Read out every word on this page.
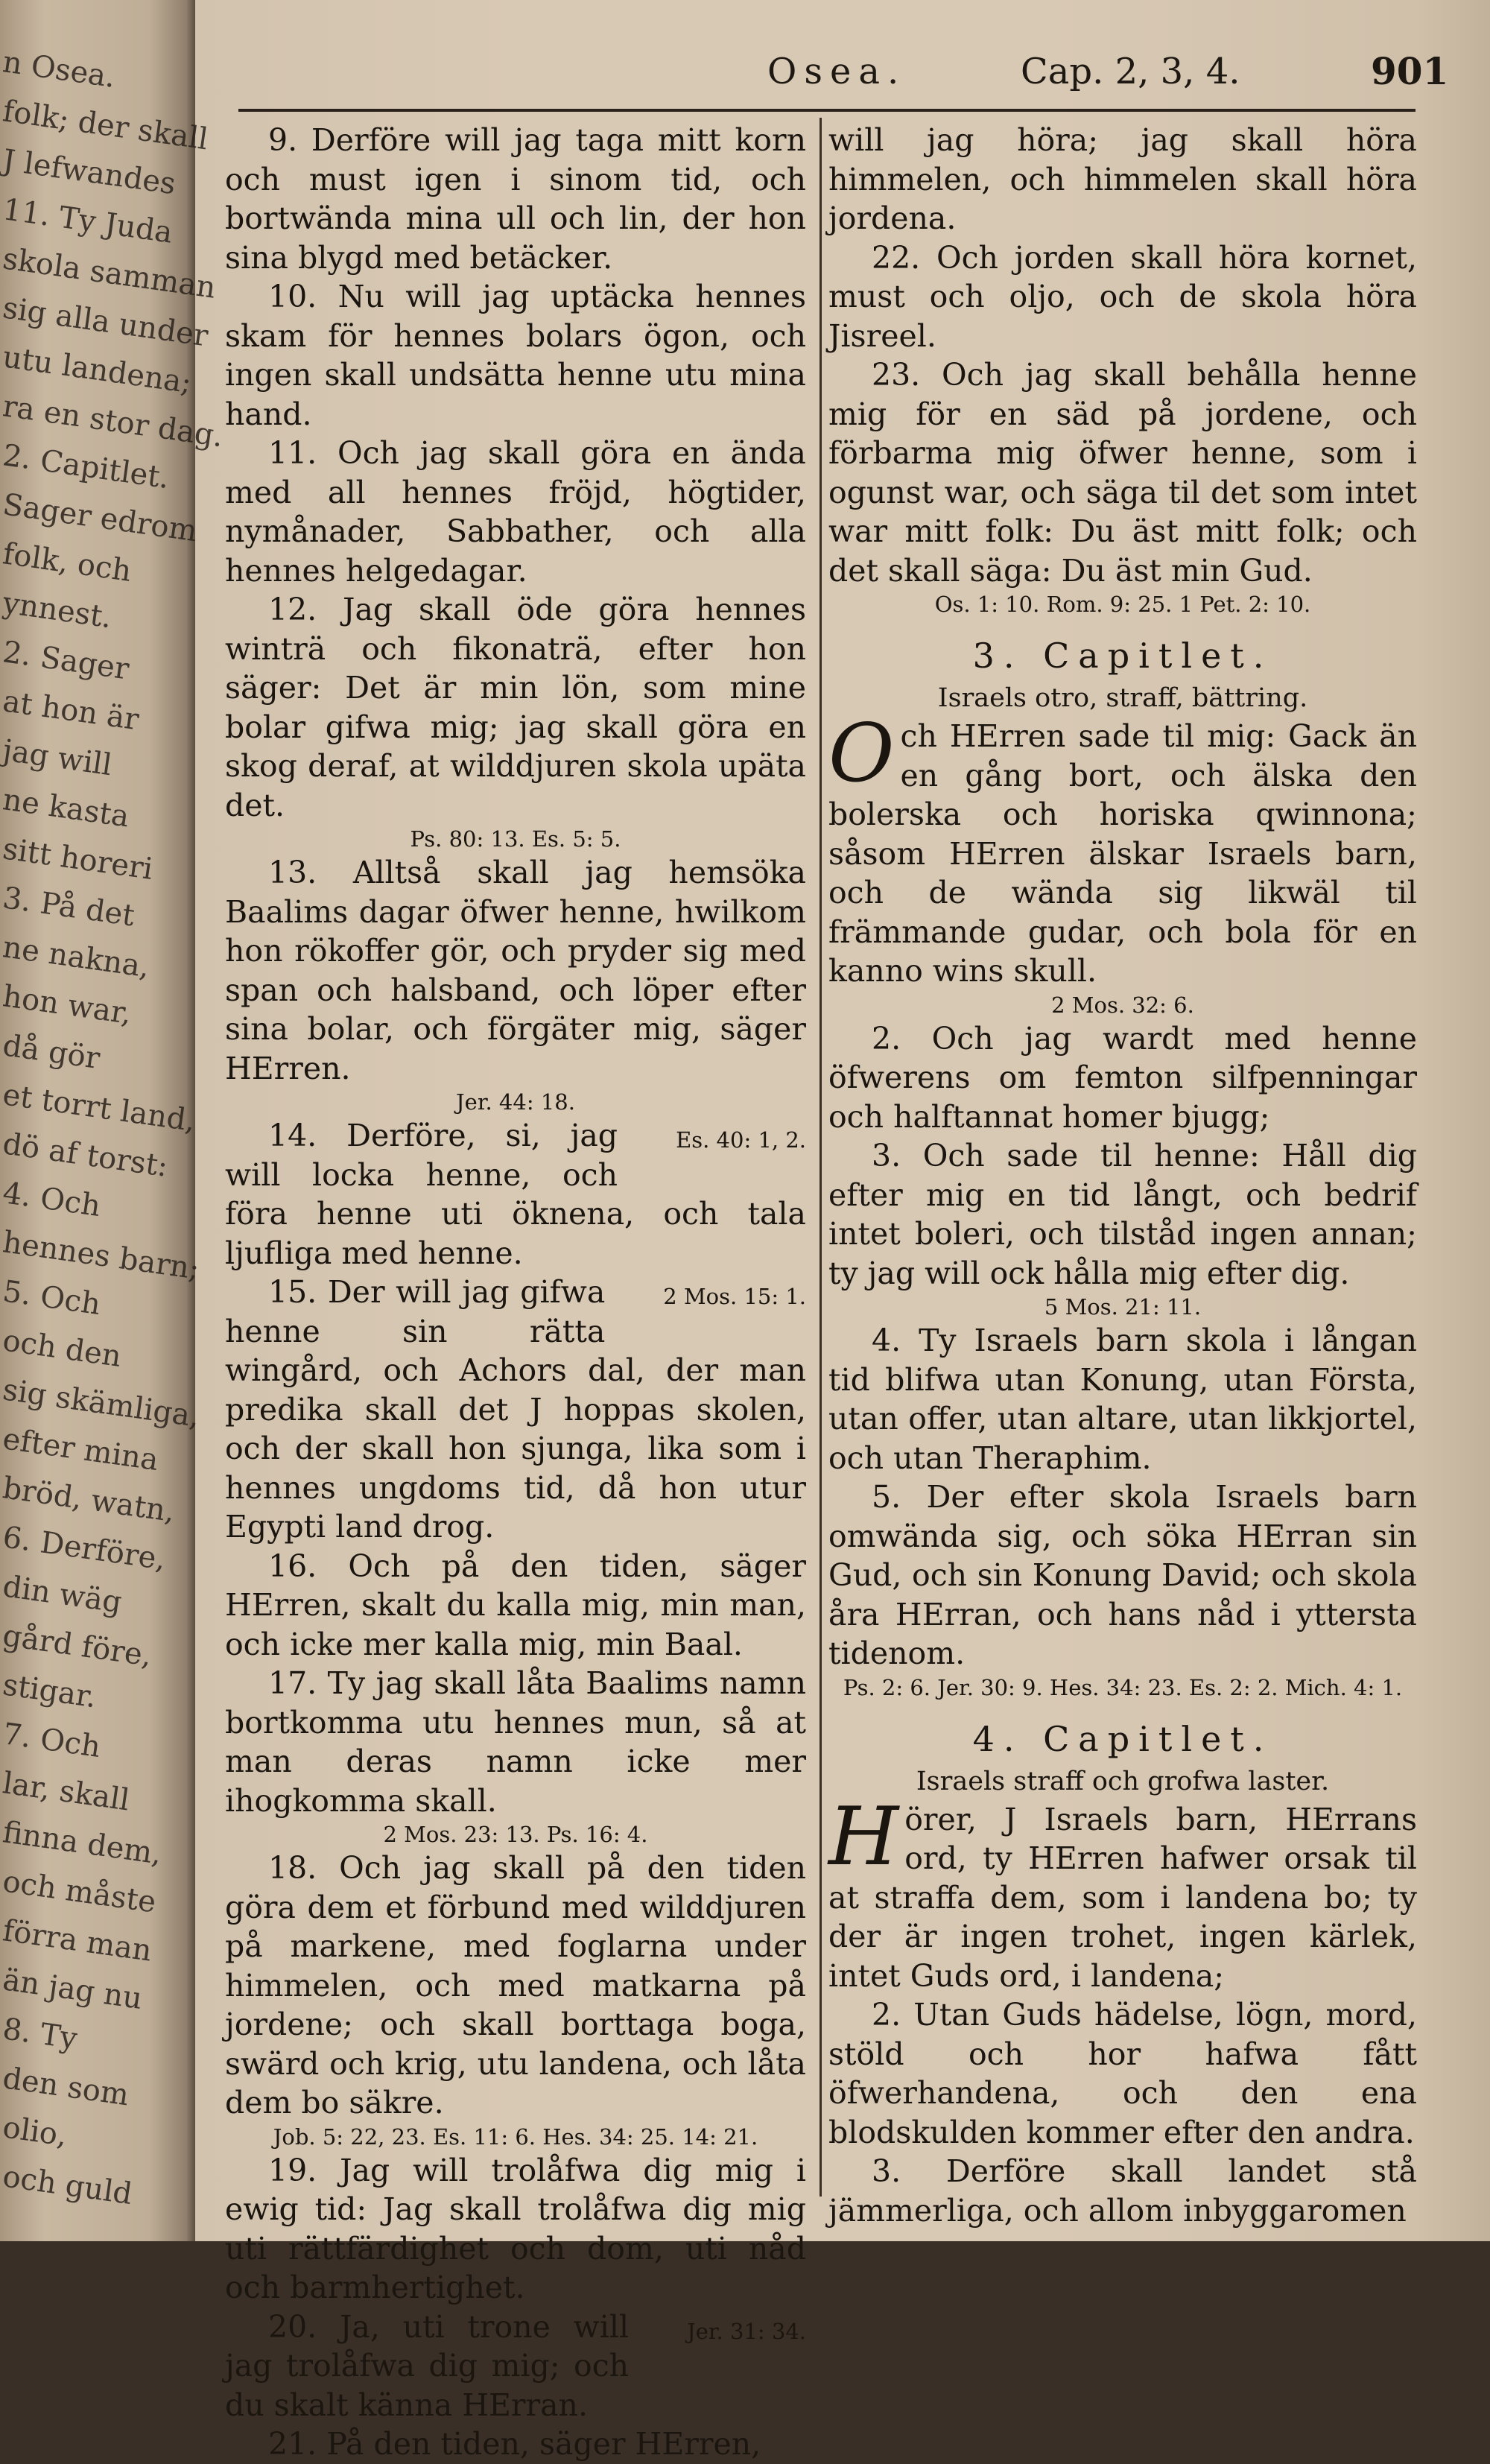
n Osea.
folk; der skall
J lefwandes
11. Ty Juda
skola samman
sig alla under
utu landena;
ra en stor dag.
2. Capitlet.
Sager edrom
folk, och
ynnest.
2. Sager
at hon är
jag will
ne kasta
sitt horeri
3. På det
ne nakna,
hon war,
då gör
et torrt land,
dö af torst:
4. Och
hennes barn;
5. Och
och den
sig skämliga,
efter mina
bröd, watn,
6. Derföre,
din wäg
gård före,
stigar.
7. Och
lar, skall
finna dem,
och måste
förra man
än jag nu
8. Ty
den som
olio,
och guld
Osea.	Cap. 2, 3, 4.	901

9. Derföre will jag taga mitt korn och must igen i sinom tid, och bortwända mina ull och lin, der hon sina blygd med betäcker.

10. Nu will jag uptäcka hennes skam för hennes bolars ögon, och ingen skall undsätta henne utu mina hand.

11. Och jag skall göra en ända med all hennes fröjd, högtider, nymånader, Sabbather, och alla hennes helgedagar.

12. Jag skall öde göra hennes winträ och fikonaträ, efter hon säger: Det är min lön, som mine bolar gifwa mig; jag skall göra en skog deraf, at wilddjuren skola upäta det.

Ps. 80: 13. Es. 5: 5.

13. Alltså skall jag hemsöka Baalims dagar öfwer henne, hwilkom hon rökoffer gör, och pryder sig med span och halsband, och löper efter sina bolar, och förgäter mig, säger HErren.

Jer. 44: 18.

Es. 40: 1, 2.
14. Derföre, si, jag will locka henne, och föra henne uti öknena, och tala ljufliga med henne.

2 Mos. 15: 1.
15. Der will jag gifwa henne sin rätta wingård, och Achors dal, der man predika skall det J hoppas skolen, och der skall hon sjunga, lika som i hennes ungdoms tid, då hon utur Egypti land drog.

16. Och på den tiden, säger HErren, skalt du kalla mig, min man, och icke mer kalla mig, min Baal.

17. Ty jag skall låta Baalims namn bortkomma utu hennes mun, så at man deras namn icke mer ihogkomma skall.

2 Mos. 23: 13. Ps. 16: 4.

18. Och jag skall på den tiden göra dem et förbund med wilddjuren på markene, med foglarna under himmelen, och med matkarna på jordene; och skall borttaga boga, swärd och krig, utu landena, och låta dem bo säkre.

Job. 5: 22, 23. Es. 11: 6. Hes. 34: 25. 14: 21.

19. Jag will trolåfwa dig mig i ewig tid: Jag skall trolåfwa dig mig uti rättfärdighet och dom, uti nåd och barmhertighet.

Jer. 31: 34.
20. Ja, uti trone will jag trolåfwa dig mig; och du skalt känna HErran.

21. På den tiden, säger HErren,

will jag höra; jag skall höra himmelen, och himmelen skall höra jordena.

22. Och jorden skall höra kornet, must och oljo, och de skola höra Jisreel.

23. Och jag skall behålla henne mig för en säd på jordene, och förbarma mig öfwer henne, som i ogunst war, och säga til det som intet war mitt folk: Du äst mitt folk; och det skall säga: Du äst min Gud.

Os. 1: 10. Rom. 9: 25. 1 Pet. 2: 10.

3. Capitlet.

Israels otro, straff, bättring.

Och HErren sade til mig: Gack än en gång bort, och älska den bolerska och horiska qwinnona; såsom HErren älskar Israels barn, och de wända sig likwäl til främmande gudar, och bola för en kanno wins skull.

2 Mos. 32: 6.

2. Och jag wardt med henne öfwerens om femton silfpenningar och halftannat homer bjugg;

3. Och sade til henne: Håll dig efter mig en tid långt, och bedrif intet boleri, och tilståd ingen annan; ty jag will ock hålla mig efter dig.

5 Mos. 21: 11.

4. Ty Israels barn skola i långan tid blifwa utan Konung, utan Första, utan offer, utan altare, utan likkjortel, och utan Theraphim.

5. Der efter skola Israels barn omwända sig, och söka HErran sin Gud, och sin Konung David; och skola åra HErran, och hans nåd i yttersta tidenom.

Ps. 2: 6. Jer. 30: 9. Hes. 34: 23. Es. 2: 2. Mich. 4: 1.

4. Capitlet.

Israels straff och grofwa laster.

Hörer, J Israels barn, HErrans ord, ty HErren hafwer orsak til at straffa dem, som i landena bo; ty der är ingen trohet, ingen kärlek, intet Guds ord, i landena;

2. Utan Guds hädelse, lögn, mord, stöld och hor hafwa fått öfwerhandena, och den ena blodskulden kommer efter den andra.

3. Derföre skall landet stå jämmerliga, och allom inbyggaromen
